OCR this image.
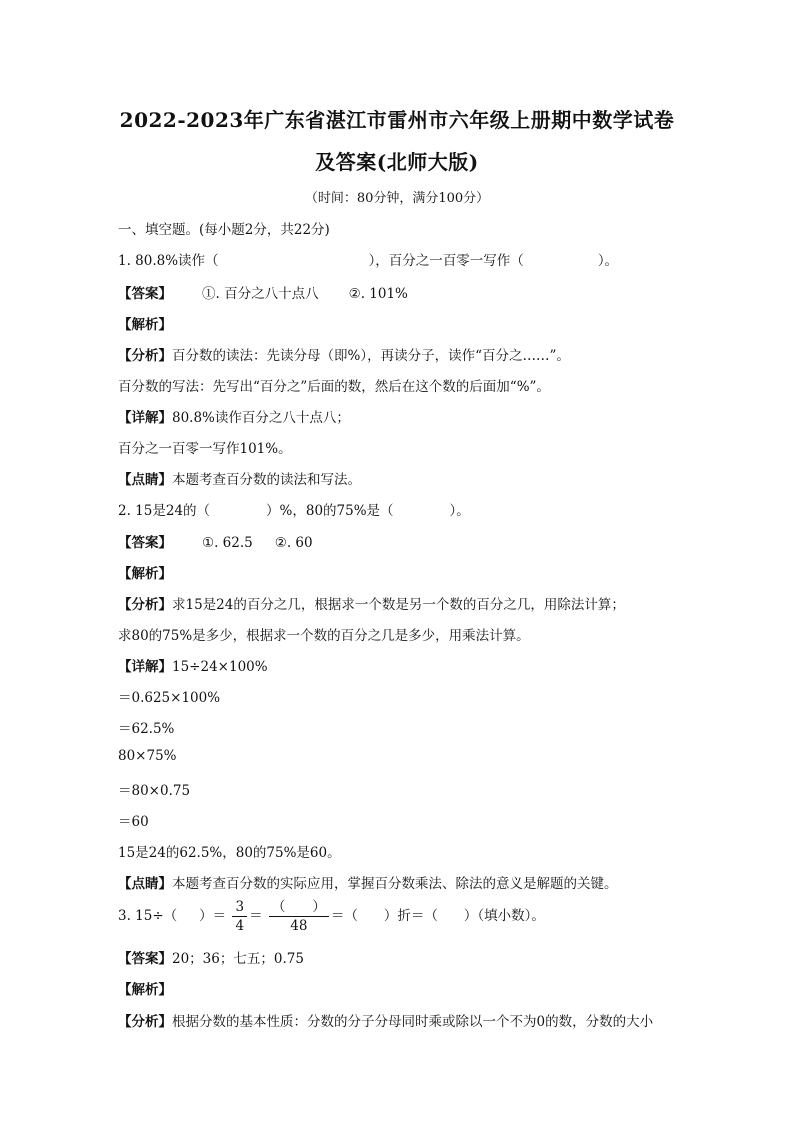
2022-2023年广东省湛江市雷州市六年级上册期中数学试卷
及答案(北师大版)
（时间：80分钟，满分100分）
一、填空题。(每小题2分，共22分)
1. 80.8%读作（	），百分之一百零一写作（	）。
【答案】 ①. 百分之八十点八 ②. 101%
【解析】
【分析】百分数的读法：先读分母（即%），再读分子，读作“百分之……”。
百分数的写法：先写出“百分之”后面的数，然后在这个数的后面加“%”。
【详解】80.8%读作百分之八十点八；
百分之一百零一写作101%。
【点睛】本题考查百分数的读法和写法。
2. 15是24的（	）%，80的75%是（	）。
【答案】 ①. 62.5 ②. 60
【解析】
【分析】求15是24的百分之几，根据求一个数是另一个数的百分之几，用除法计算；
求80的75%是多少，根据求一个数的百分之几是多少，用乘法计算。
【详解】15÷24×100%
＝0.625×100%
＝62.5%
80×75%
＝80×0.75
＝60
15是24的62.5%，80的75%是60。
【点睛】本题考查百分数的实际应用，掌握百分数乘法、除法的意义是解题的关键。
3. 15÷（ ）＝ $\frac{3}{4} = \frac{( )}{48}$ ＝（ ）折＝（ ）（填小数）。
【答案】20；36；七五；0.75
【解析】
【分析】根据分数的基本性质：分数的分子分母同时乘或除以一个不为0的数，分数的大小
